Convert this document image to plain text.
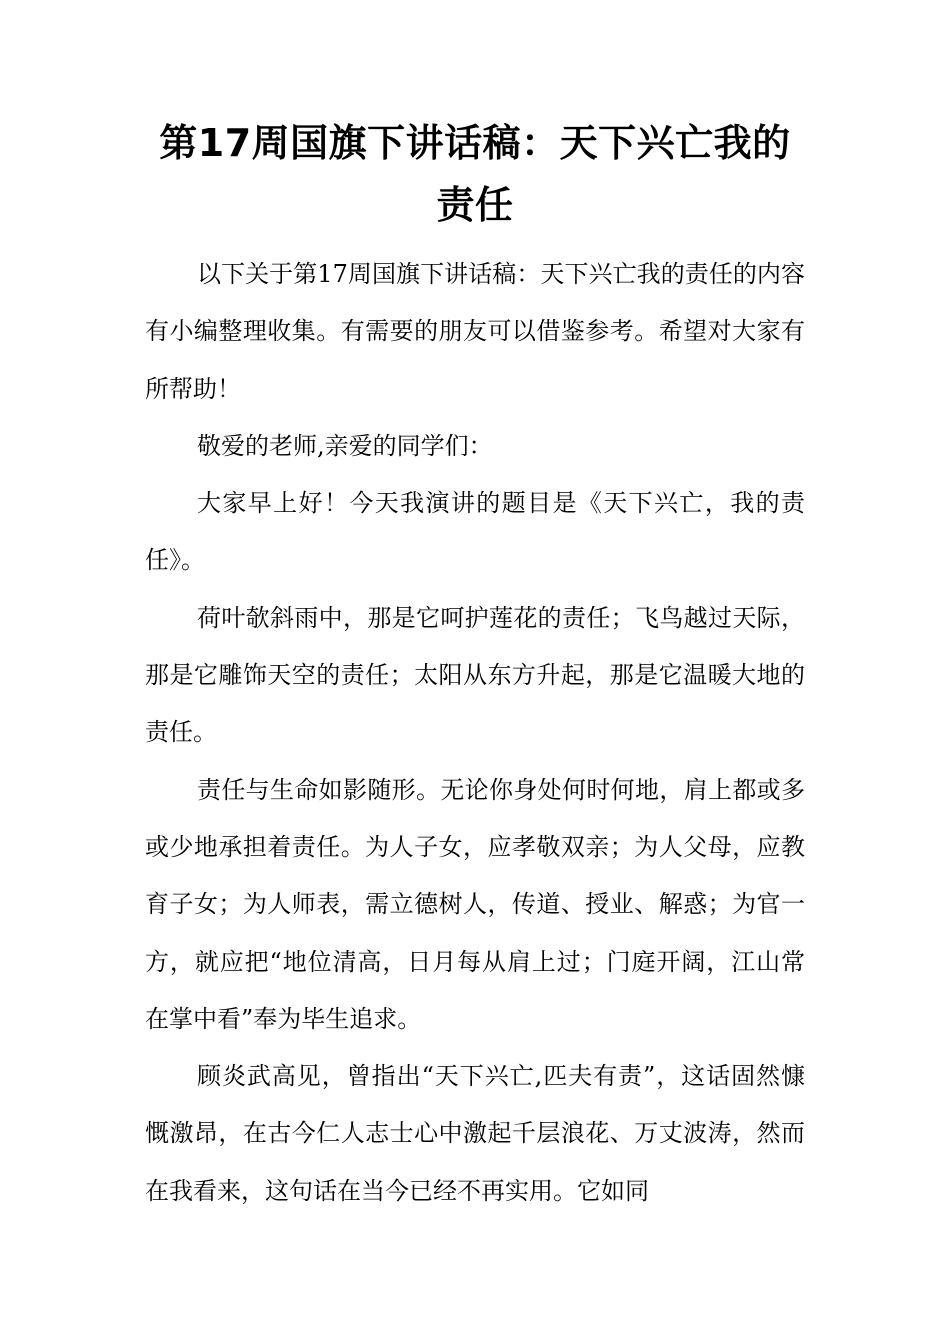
第17周国旗下讲话稿：天下兴亡我的责任

以下关于第17周国旗下讲话稿：天下兴亡我的责任的内容有小编整理收集。有需要的朋友可以借鉴参考。希望对大家有所帮助！

敬爱的老师,亲爱的同学们：

大家早上好！今天我演讲的题目是《天下兴亡，我的责任》。

荷叶欹斜雨中，那是它呵护莲花的责任；飞鸟越过天际，那是它雕饰天空的责任；太阳从东方升起，那是它温暖大地的责任。

责任与生命如影随形。无论你身处何时何地，肩上都或多或少地承担着责任。为人子女，应孝敬双亲；为人父母，应教育子女；为人师表，需立德树人，传道、授业、解惑；为官一方，就应把“地位清高，日月每从肩上过；门庭开阔，江山常在掌中看”奉为毕生追求。

顾炎武高见，曾指出“天下兴亡,匹夫有责”，这话固然慷慨激昂，在古今仁人志士心中激起千层浪花、万丈波涛，然而在我看来，这句话在当今已经不再实用。它如同
